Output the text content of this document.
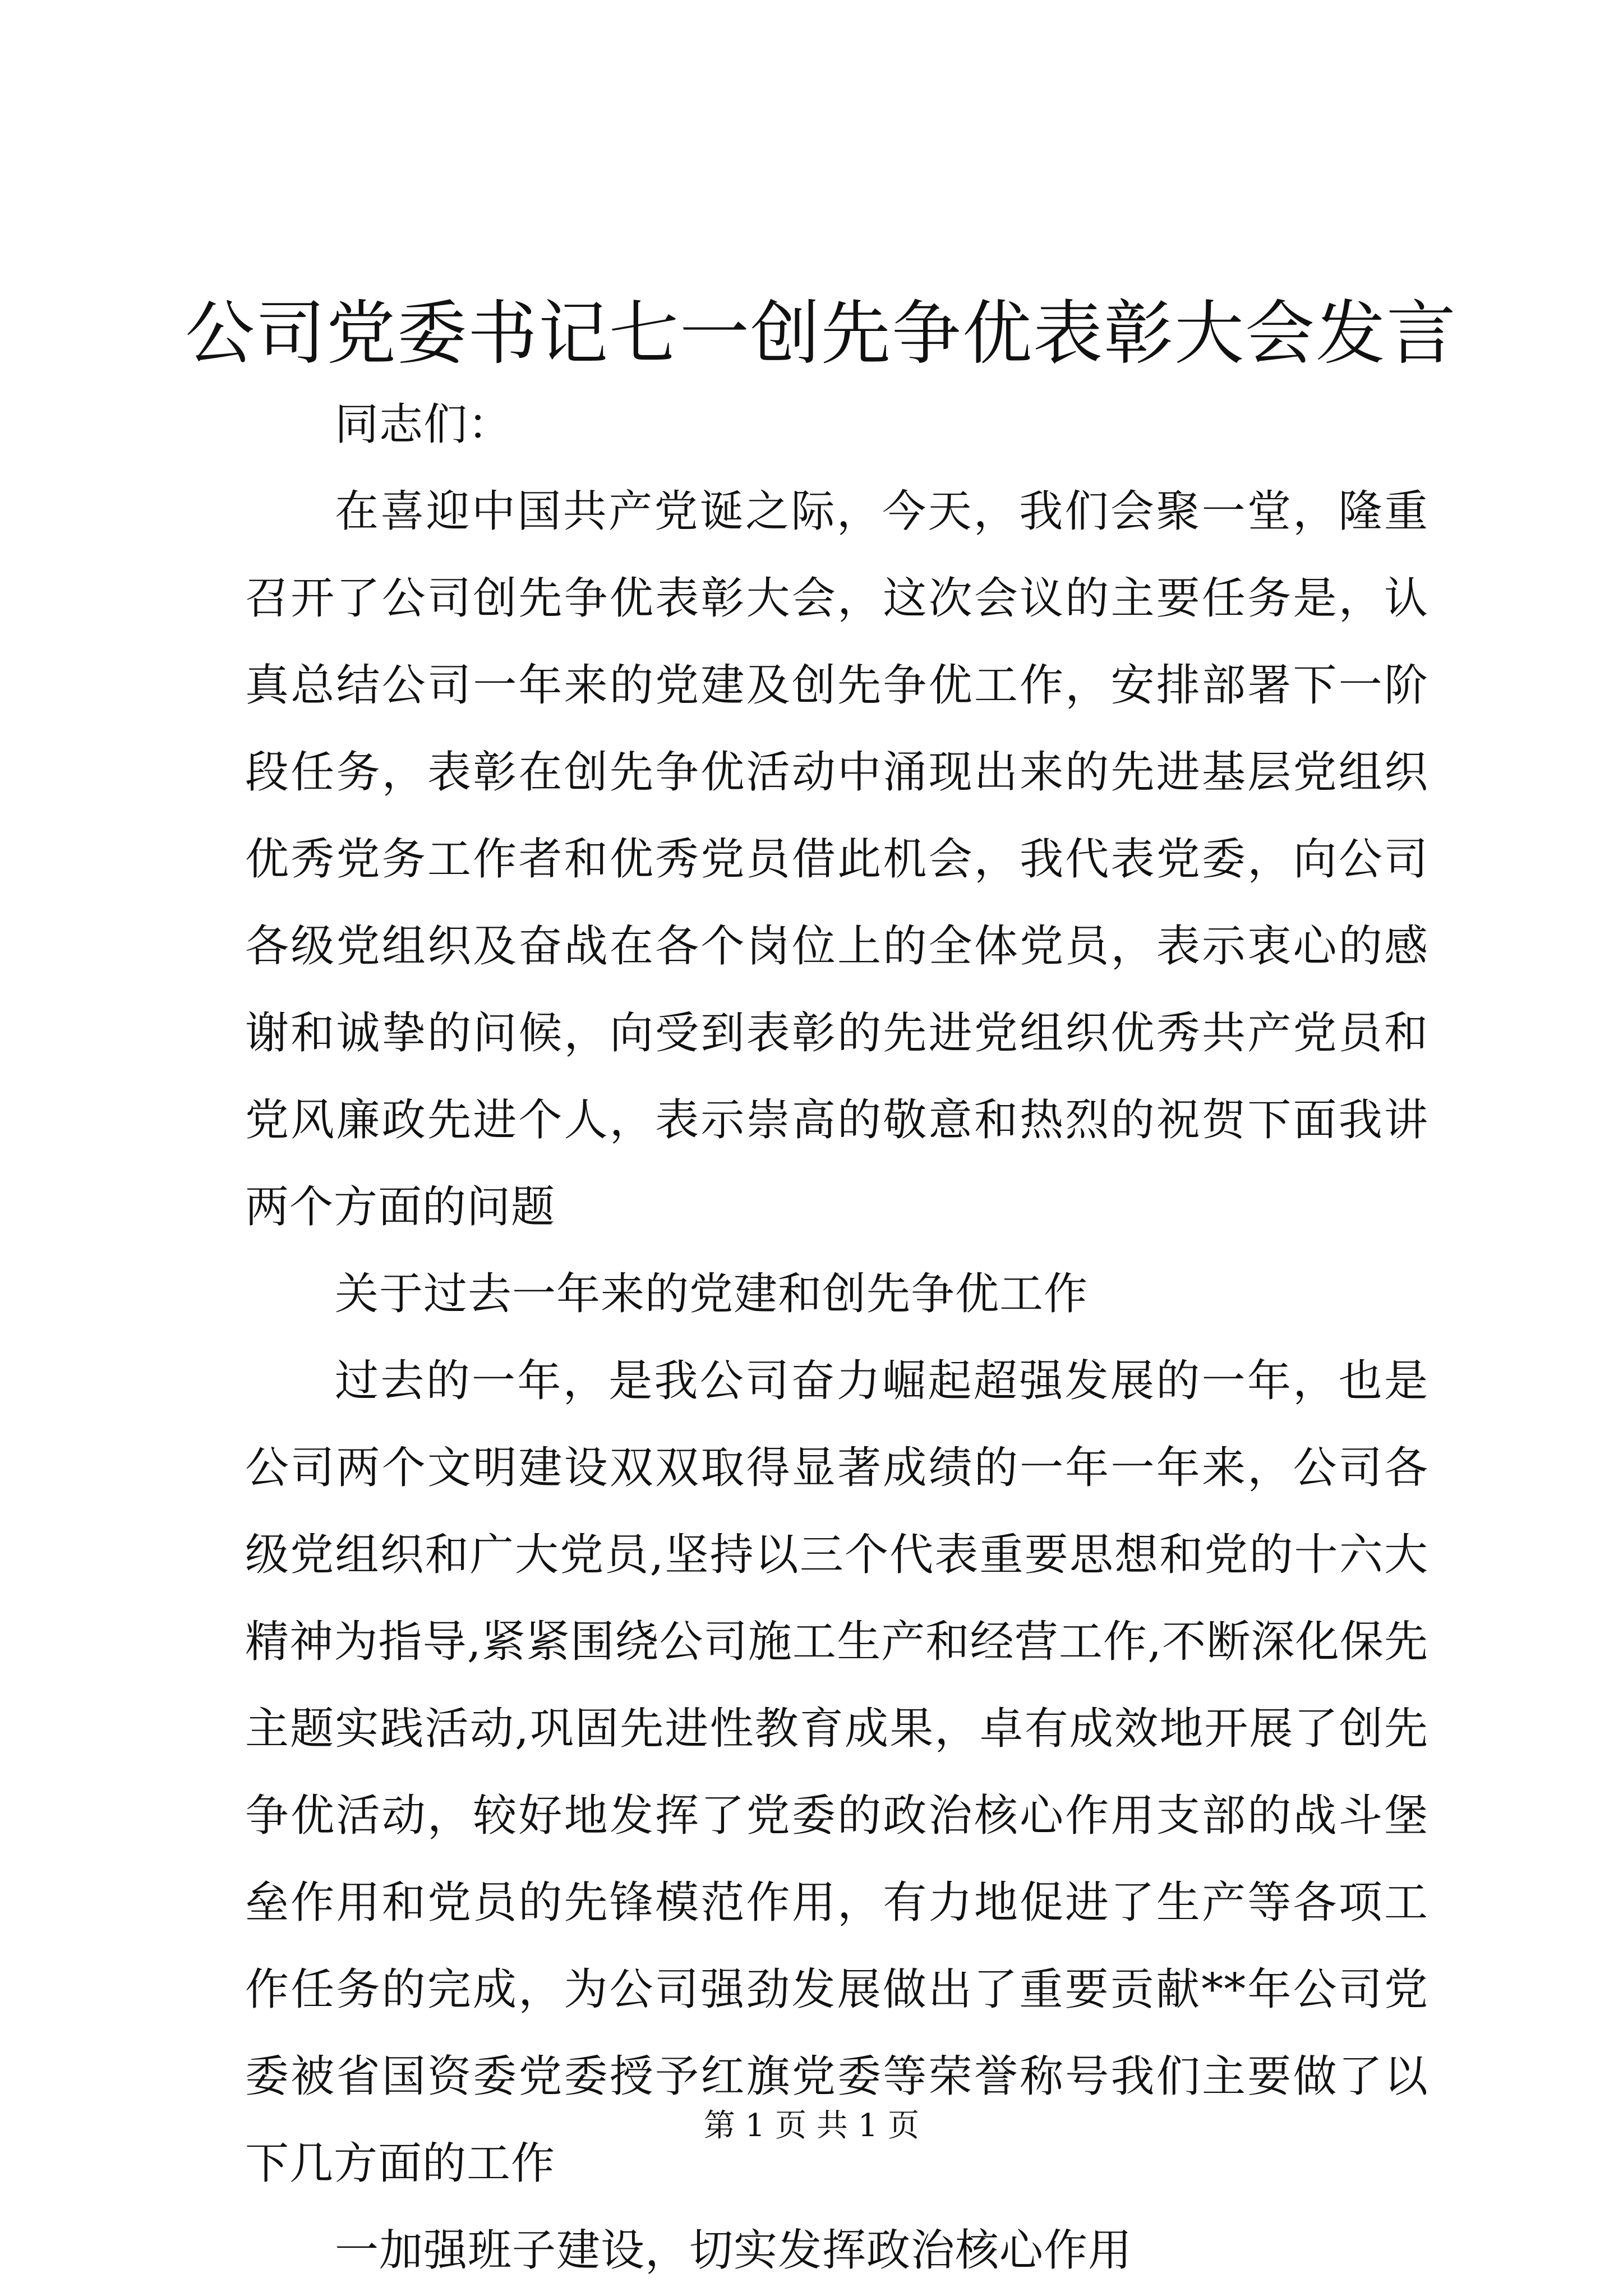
公司党委书记七一创先争优表彰大会发言

同志们：

在喜迎中国共产党诞之际，今天，我们会聚一堂，隆重召开了公司创先争优表彰大会，这次会议的主要任务是，认真总结公司一年来的党建及创先争优工作，安排部署下一阶段任务，表彰在创先争优活动中涌现出来的先进基层党组织优秀党务工作者和优秀党员借此机会，我代表党委，向公司各级党组织及奋战在各个岗位上的全体党员，表示衷心的感谢和诚挚的问候，向受到表彰的先进党组织优秀共产党员和党风廉政先进个人，表示崇高的敬意和热烈的祝贺下面我讲两个方面的问题

关于过去一年来的党建和创先争优工作

过去的一年，是我公司奋力崛起超强发展的一年，也是公司两个文明建设双双取得显著成绩的一年一年来，公司各级党组织和广大党员,坚持以三个代表重要思想和党的十六大精神为指导,紧紧围绕公司施工生产和经营工作,不断深化保先主题实践活动,巩固先进性教育成果，卓有成效地开展了创先争优活动，较好地发挥了党委的政治核心作用支部的战斗堡垒作用和党员的先锋模范作用，有力地促进了生产等各项工作任务的完成，为公司强劲发展做出了重要贡献**年公司党委被省国资委党委授予红旗党委等荣誉称号我们主要做了以下几方面的工作

一加强班子建设，切实发挥政治核心作用

第 1 页 共 1 页
